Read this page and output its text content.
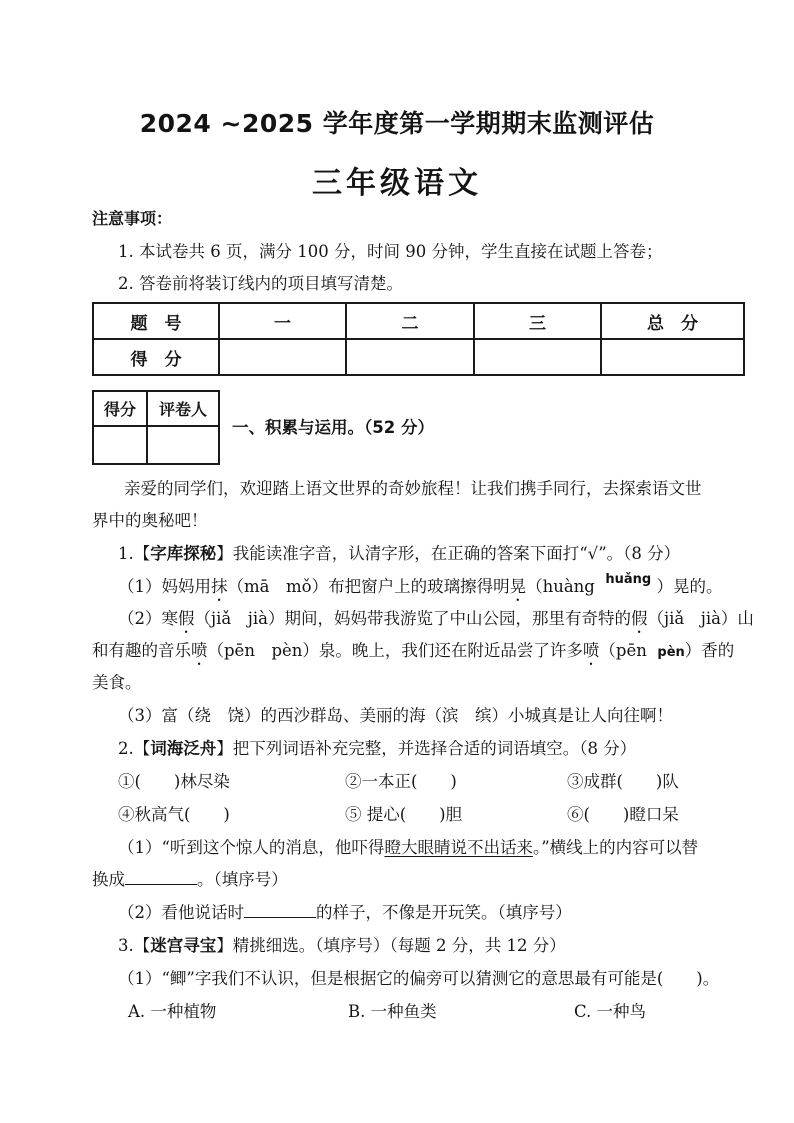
2024 ~2025 学年度第一学期期末监测评估
三年级语文
注意事项：
1. 本试卷共 6 页，满分 100 分，时间 90 分钟，学生直接在试题上答卷；
2. 答卷前将装订线内的项目填写清楚。
题　号	一	二	三	总　分
得　分				
得分	评卷人

一、积累与运用。（52 分）
亲爱的同学们，欢迎踏上语文世界的奇妙旅程！让我们携手同行，去探索语文世
界中的奥秘吧！
1.【字库探秘】我能读准字音，认清字形，在正确的答案下面打“√”。（8 分）
（1）妈妈用抹（mā　mǒ）布把窗户上的玻璃擦得明晃（huàng $^{huǎng}$ ）晃的。
（2）寒假（jiǎ　jià）期间，妈妈带我游览了中山公园，那里有奇特的假（jiǎ　jià）山
和有趣的音乐喷（pēn　pèn）泉。晚上，我们还在附近品尝了许多喷（pēn pèn）香的
美食。
（3）富（绕　饶）的西沙群岛、美丽的海（滨　缤）小城真是让人向往啊！
2.【词海泛舟】把下列词语补充完整，并选择合适的词语填空。（8 分）
①(　　)林尽染	②一本正(　　)	③成群(　　)队
④秋高气(　　)	⑤ 提心(　　)胆	⑥(　　)瞪口呆
（1）“听到这个惊人的消息，他吓得瞪大眼睛说不出话来。”横线上的内容可以替
换成	。（填序号）
（2）看他说话时	的样子，不像是开玩笑。（填序号）
3.【迷宫寻宝】精挑细选。（填序号）（每题 2 分，共 12 分）
（1）“鲫”字我们不认识，但是根据它的偏旁可以猜测它的意思最有可能是(　　)。
A. 一种植物	B. 一种鱼类	C. 一种鸟
